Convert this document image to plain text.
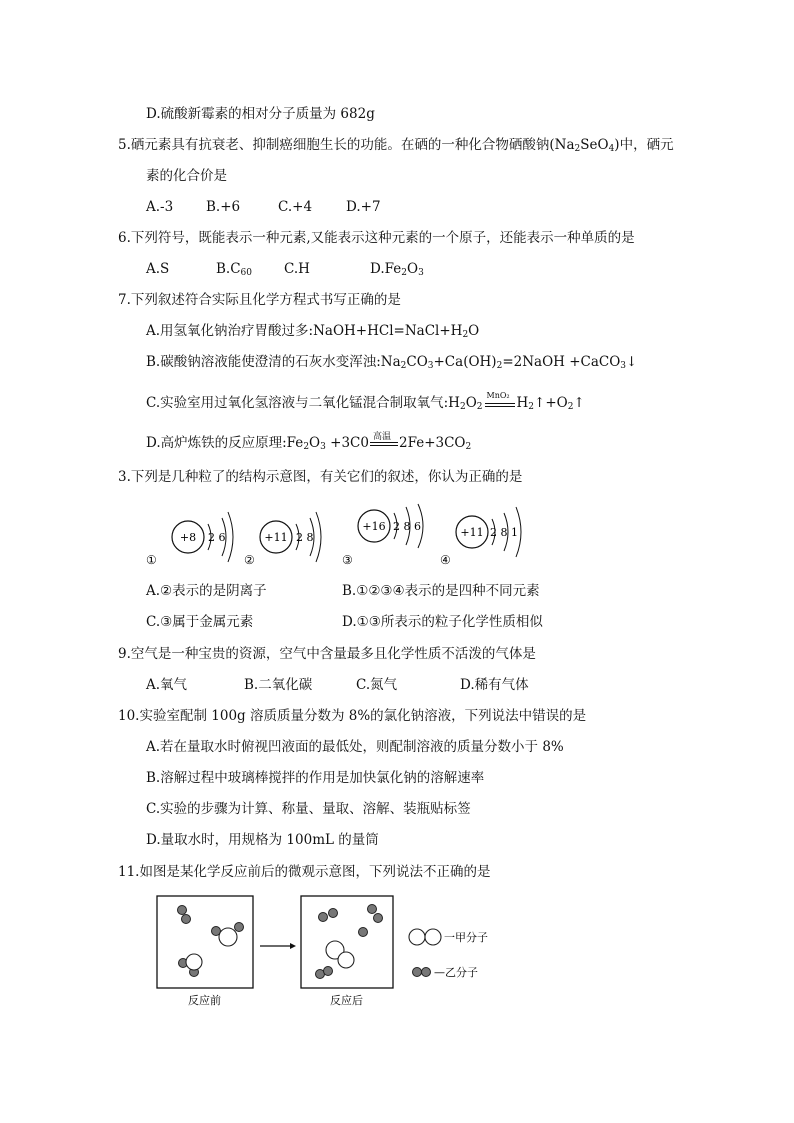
D.硫酸新霉素的相对分子质量为 682g
5.硒元素具有抗衰老、抑制癌细胞生长的功能。在硒的一种化合物硒酸钠$(Na_2SeO_4)$中，硒元
素的化合价是
A.-3 B.+6	C.+4	D.+7
6.下列符号，既能表示一种元素,又能表示这种元素的一个原子，还能表示一种单质的是
A.S	$B.C_{60}$ C.H	$D.Fe_2O_3$
7.下列叙述符合实际且化学方程式书写正确的是
A.用氢氧化钠治疗胃酸过多$:NaOH+HCl=NaCl+H_2O$
B.碳酸钠溶液能使澄清的石灰水变浑浊$:Na_2CO_3+Ca(OH)_2=2NaOH$ +CaCO$_3$↓
C.实验室用过氧化氢溶液与二氧化锰混合制取氧气$:H_2O_2$
MnO₂ $H_2↑+O_2↑$
D.高炉炼铁的反应原理$:Fe_2O_3 +3C0$ 高温 $2Fe+3CO_2$
3.下列是几种粒了的结构示意图，有关它们的叙述，你认为正确的是
+8 2 6
①
+11 2 8
②
+16 2 8 6
③
+11 2 8 1
④
A.②表示的是阴离子	B.①②③④表示的是四种不同元素
C.③属于金属元素	D.①③所表示的粒子化学性质相似
9.空气是一种宝贵的资源，空气中含量最多且化学性质不活泼的气体是
A.氧气	B.二氧化碳	C.氮气	D.稀有气体
10.实验室配制 100g 溶质质量分数为 8%的氯化钠溶液，下列说法中错误的是
A.若在量取水时俯视凹液面的最低处，则配制溶液的质量分数小于 8%
B.溶解过程中玻璃棒搅拌的作用是加快氯化钠的溶解速率
C.实验的步骤为计算、称量、量取、溶解、装瓶贴标签
D.量取水时，用规格为 100mL 的量筒
11.如图是某化学反应前后的微观示意图，下列说法不正确的是
反应前	反应后
一甲分子
—乙分子
